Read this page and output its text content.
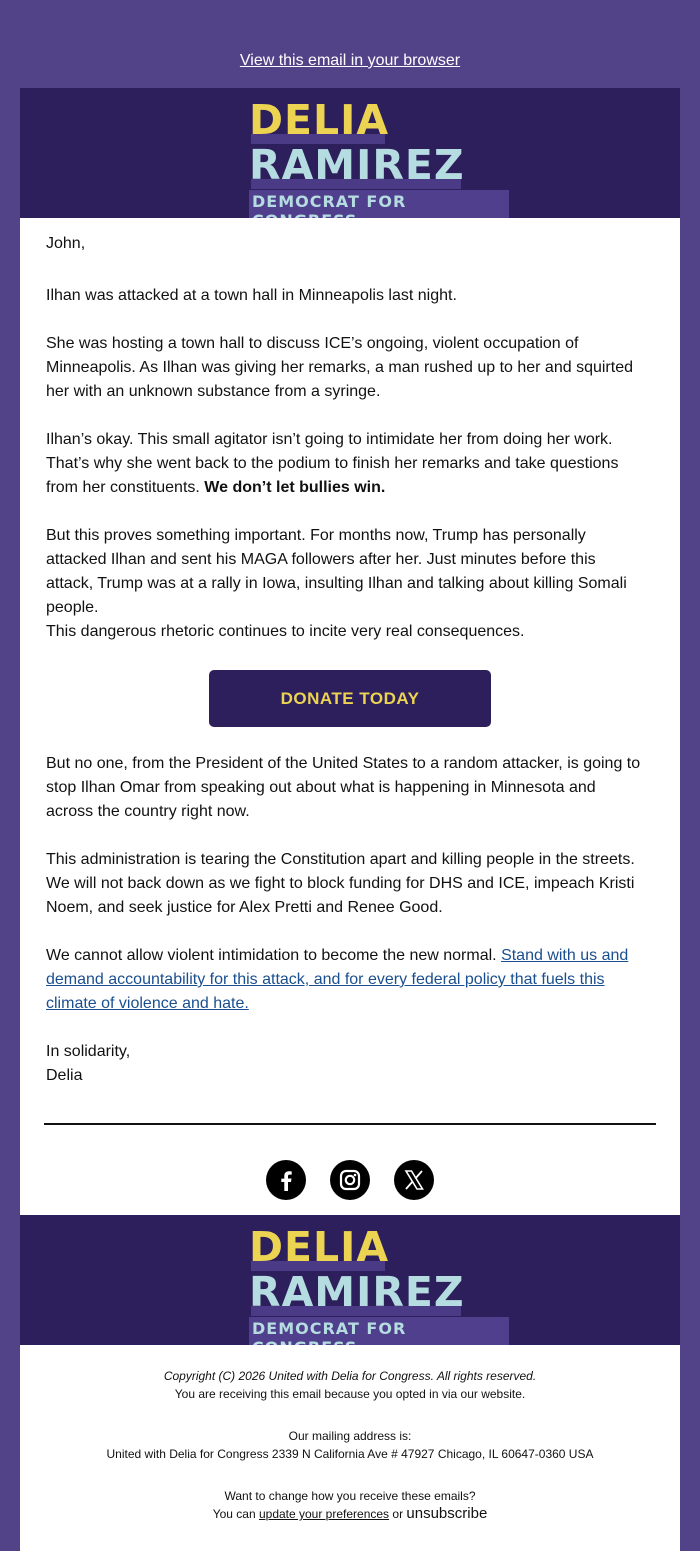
View this email in your browser
DELIA
RAMIREZ
DEMOCRAT FOR

John,

Ilhan was attacked at a town hall in Minneapolis last night.

She was hosting a town hall to discuss ICE’s ongoing, violent occupation of Minneapolis. As Ilhan was giving her remarks, a man rushed up to her and squirted her with an unknown substance from a syringe.

Ilhan’s okay. This small agitator isn’t going to intimidate her from doing her work. That’s why she went back to the podium to finish her remarks and take questions from her constituents. We don’t let bullies win.

But this proves something important. For months now, Trump has personally attacked Ilhan and sent his MAGA followers after her. Just minutes before this attack, Trump was at a rally in Iowa, insulting Ilhan and talking about killing Somali people.

This dangerous rhetoric continues to incite very real consequences.

DONATE TODAY

But no one, from the President of the United States to a random attacker, is going to stop Ilhan Omar from speaking out about what is happening in Minnesota and across the country right now.

This administration is tearing the Constitution apart and killing people in the streets. We will not back down as we fight to block funding for DHS and ICE, impeach Kristi Noem, and seek justice for Alex Pretti and Renee Good.

We cannot allow violent intimidation to become the new normal. Stand with us and demand accountability for this attack, and for every federal policy that fuels this climate of violence and hate.

In solidarity,

Delia

DELIA
RAMIREZ
DEMOCRAT FOR
Copyright (C) 2026 United with Delia for Congress. All rights reserved.
You are receiving this email because you opted in via our website.
Our mailing address is:
United with Delia for Congress 2339 N California Ave # 47927 Chicago, IL 60647-0360 USA
Want to change how you receive these emails?
You can update your preferences or unsubscribe
